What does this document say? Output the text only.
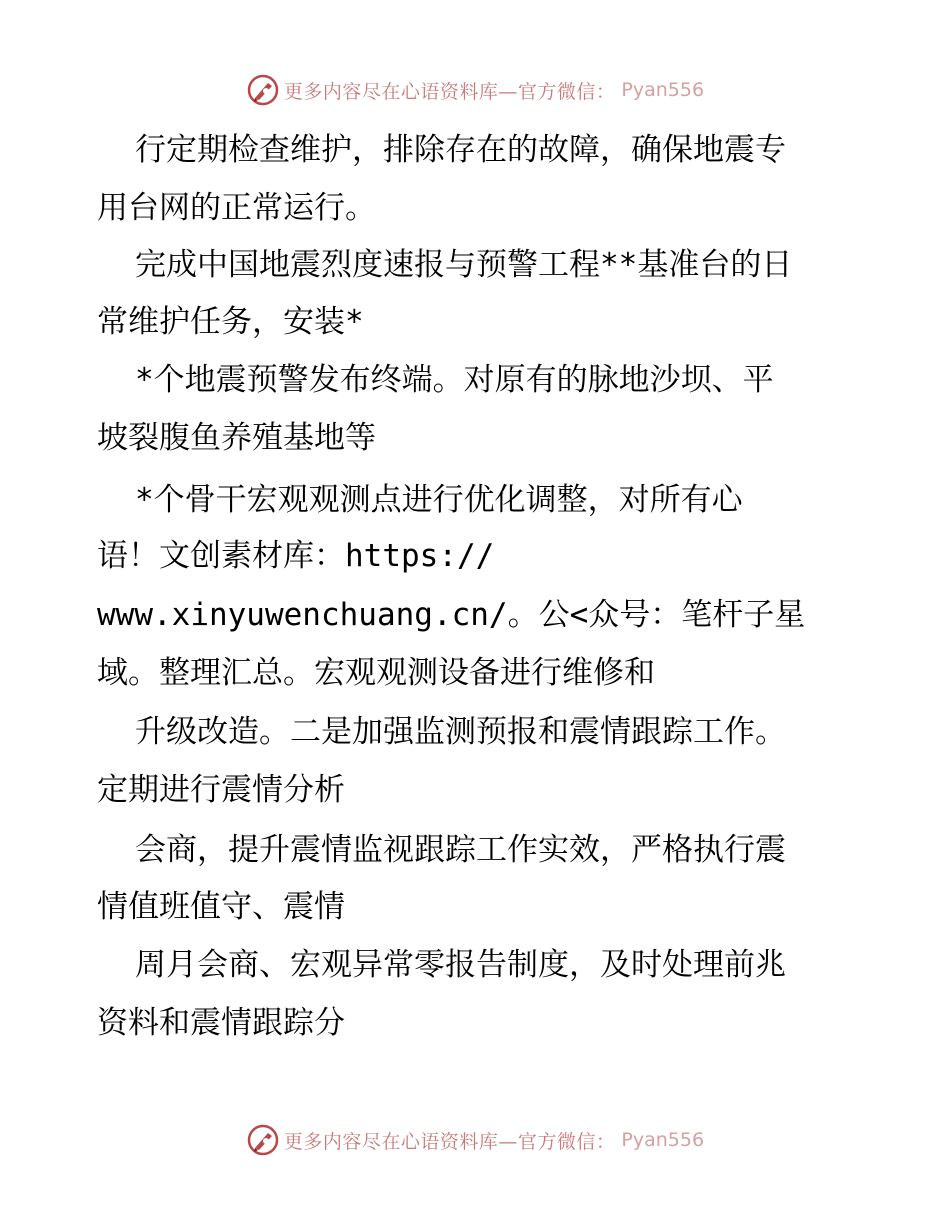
更多内容尽在心语资料库—官方微信： Pyan556
行定期检查维护，排除存在的故障，确保地震专
用台网的正常运行。
完成中国地震烈度速报与预警工程**基准台的日
常维护任务，安装*
*个地震预警发布终端。对原有的脉地沙坝、平
坡裂腹鱼养殖基地等
*个骨干宏观观测点进行优化调整，对所有心
语！文创素材库：https://
www.xinyuwenchuang.cn/。公<众号：笔杆子星
域。整理汇总。宏观观测设备进行维修和
升级改造。二是加强监测预报和震情跟踪工作。
定期进行震情分析
会商，提升震情监视跟踪工作实效，严格执行震
情值班值守、震情
周月会商、宏观异常零报告制度，及时处理前兆
资料和震情跟踪分
更多内容尽在心语资料库—官方微信： Pyan556
